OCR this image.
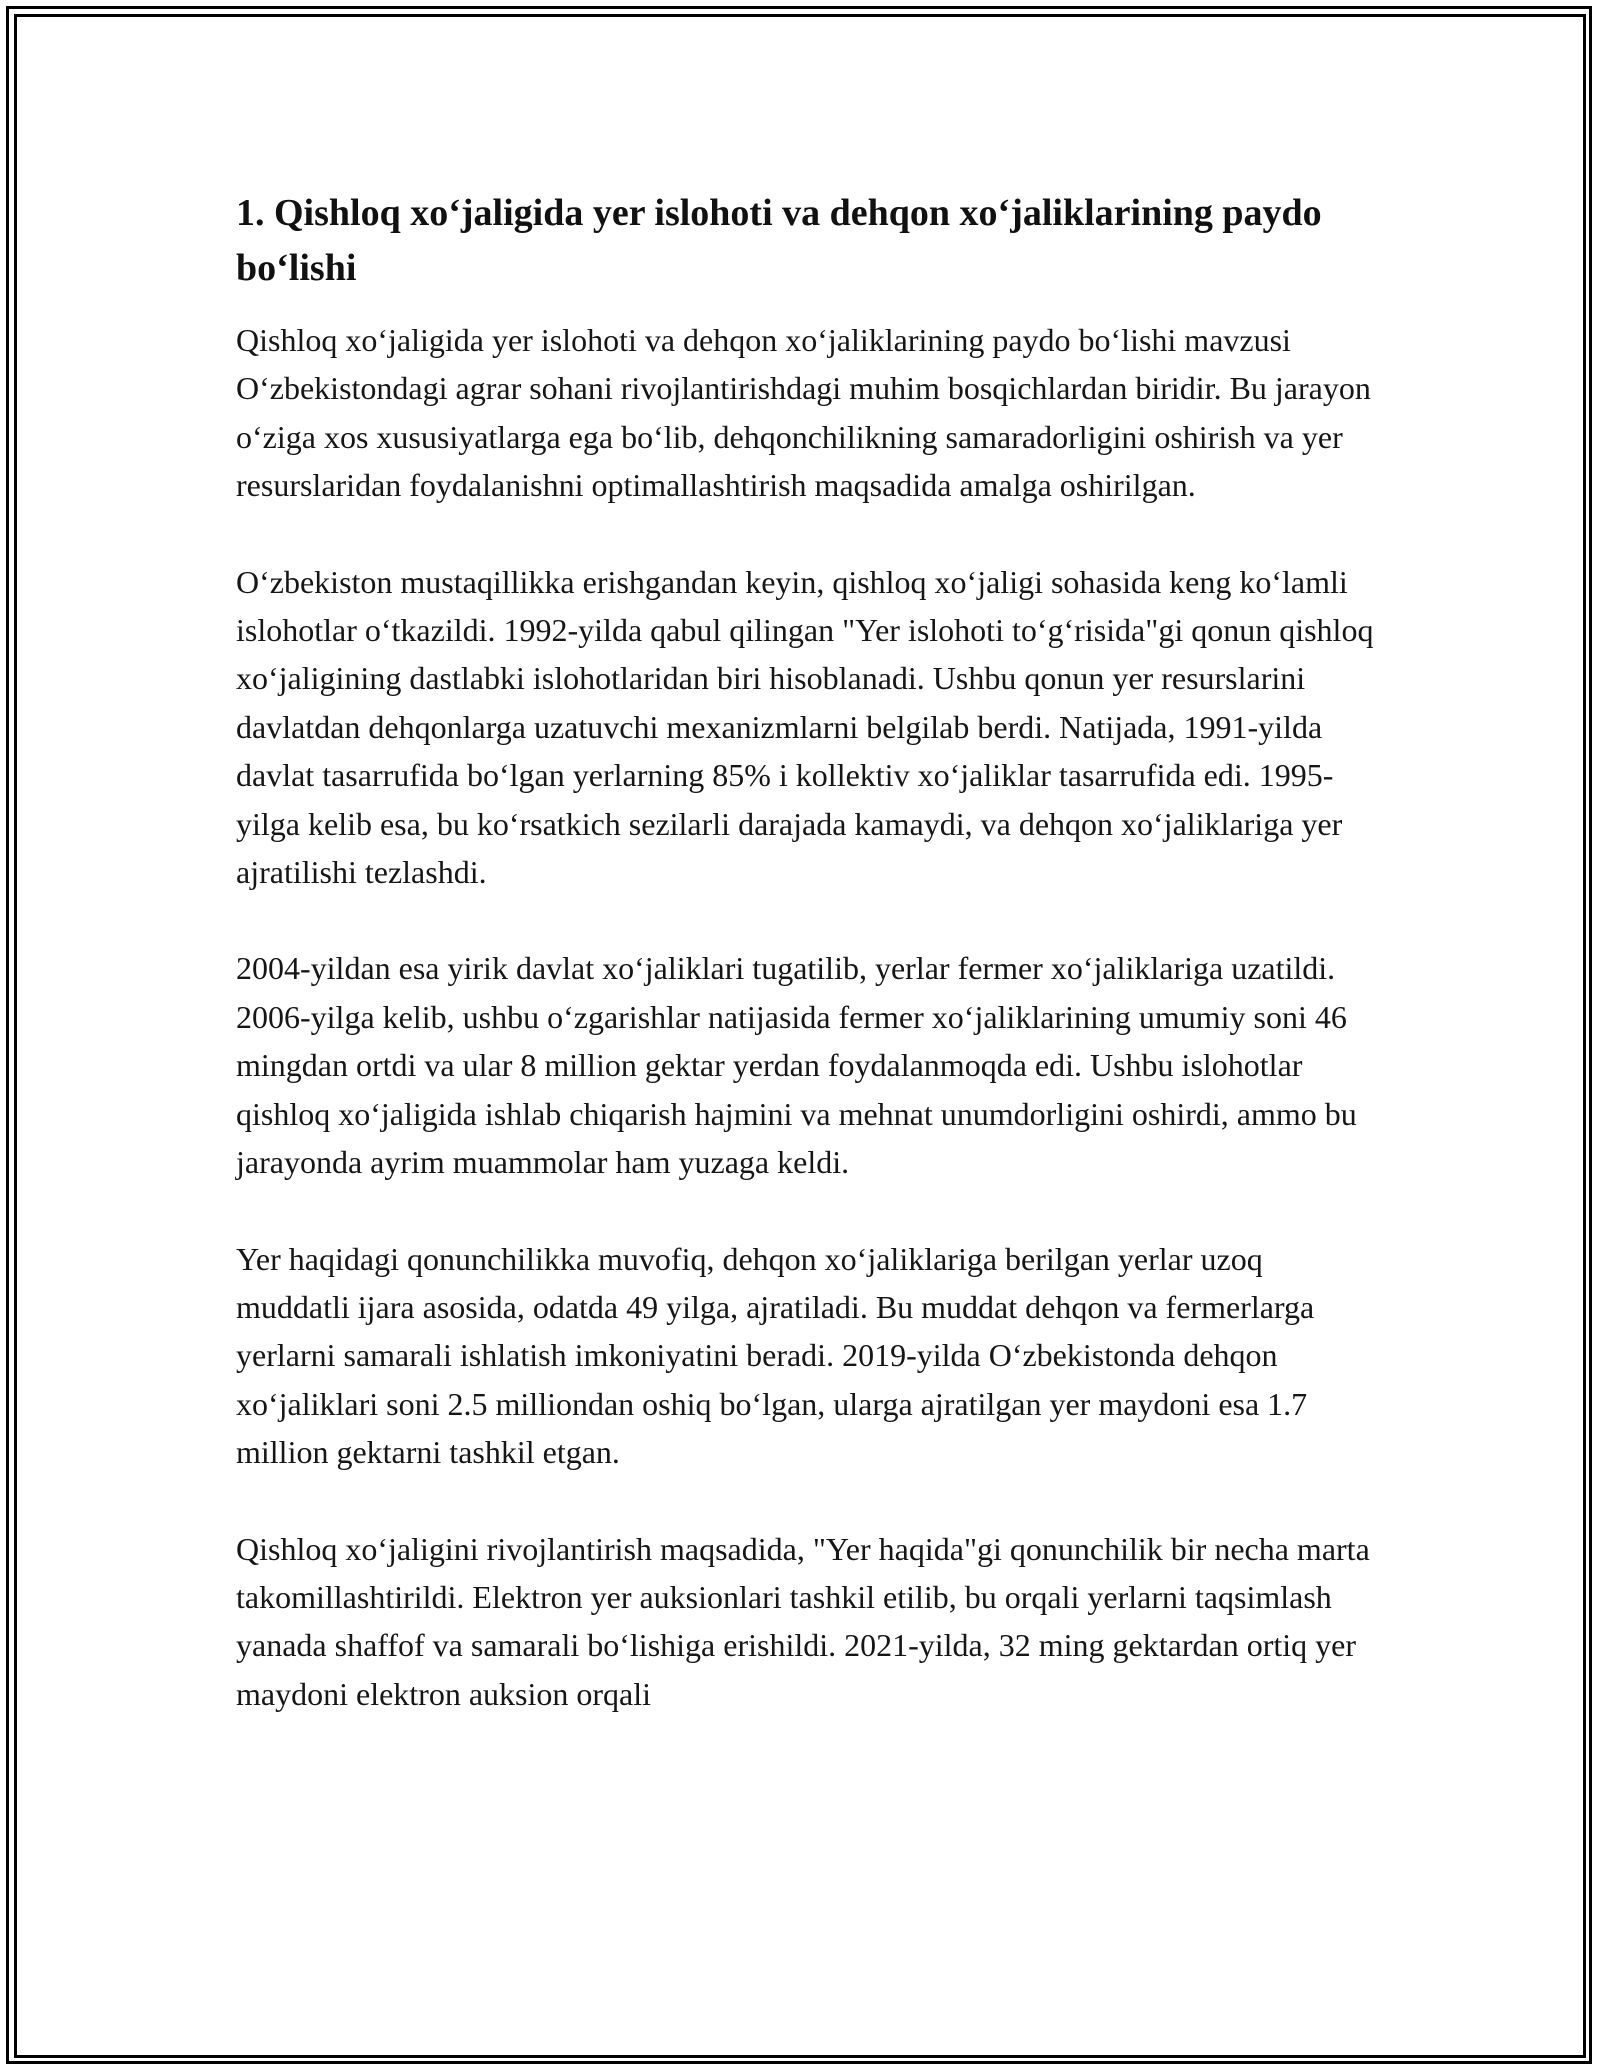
1. Qishloq xo‘jaligida yer islohoti va dehqon xo‘jaliklarining paydo bo‘lishi

Qishloq xo‘jaligida yer islohoti va dehqon xo‘jaliklarining paydo bo‘lishi mavzusi O‘zbekistondagi agrar sohani rivojlantirishdagi muhim bosqichlardan biridir. Bu jarayon o‘ziga xos xususiyatlarga ega bo‘lib, dehqonchilikning samaradorligini oshirish va yer resurslaridan foydalanishni optimallashtirish maqsadida amalga oshirilgan.

O‘zbekiston mustaqillikka erishgandan keyin, qishloq xo‘jaligi sohasida keng ko‘lamli islohotlar o‘tkazildi. 1992-yilda qabul qilingan "Yer islohoti to‘g‘risida"gi qonun qishloq xo‘jaligining dastlabki islohotlaridan biri hisoblanadi. Ushbu qonun yer resurslarini davlatdan dehqonlarga uzatuvchi mexanizmlarni belgilab berdi. Natijada, 1991-yilda davlat tasarrufida bo‘lgan yerlarning 85% i kollektiv xo‘jaliklar tasarrufida edi. 1995-yilga kelib esa, bu ko‘rsatkich sezilarli darajada kamaydi, va dehqon xo‘jaliklariga yer ajratilishi tezlashdi.

2004-yildan esa yirik davlat xo‘jaliklari tugatilib, yerlar fermer xo‘jaliklariga uzatildi. 2006-yilga kelib, ushbu o‘zgarishlar natijasida fermer xo‘jaliklarining umumiy soni 46 mingdan ortdi va ular 8 million gektar yerdan foydalanmoqda edi. Ushbu islohotlar qishloq xo‘jaligida ishlab chiqarish hajmini va mehnat unumdorligini oshirdi, ammo bu jarayonda ayrim muammolar ham yuzaga keldi.

Yer haqidagi qonunchilikka muvofiq, dehqon xo‘jaliklariga berilgan yerlar uzoq muddatli ijara asosida, odatda 49 yilga, ajratiladi. Bu muddat dehqon va fermerlarga yerlarni samarali ishlatish imkoniyatini beradi. 2019-yilda O‘zbekistonda dehqon xo‘jaliklari soni 2.5 milliondan oshiq bo‘lgan, ularga ajratilgan yer maydoni esa 1.7 million gektarni tashkil etgan.

Qishloq xo‘jaligini rivojlantirish maqsadida, "Yer haqida"gi qonunchilik bir necha marta takomillashtirildi. Elektron yer auksionlari tashkil etilib, bu orqali yerlarni taqsimlash yanada shaffof va samarali bo‘lishiga erishildi. 2021-yilda, 32 ming gektardan ortiq yer maydoni elektron auksion orqali
